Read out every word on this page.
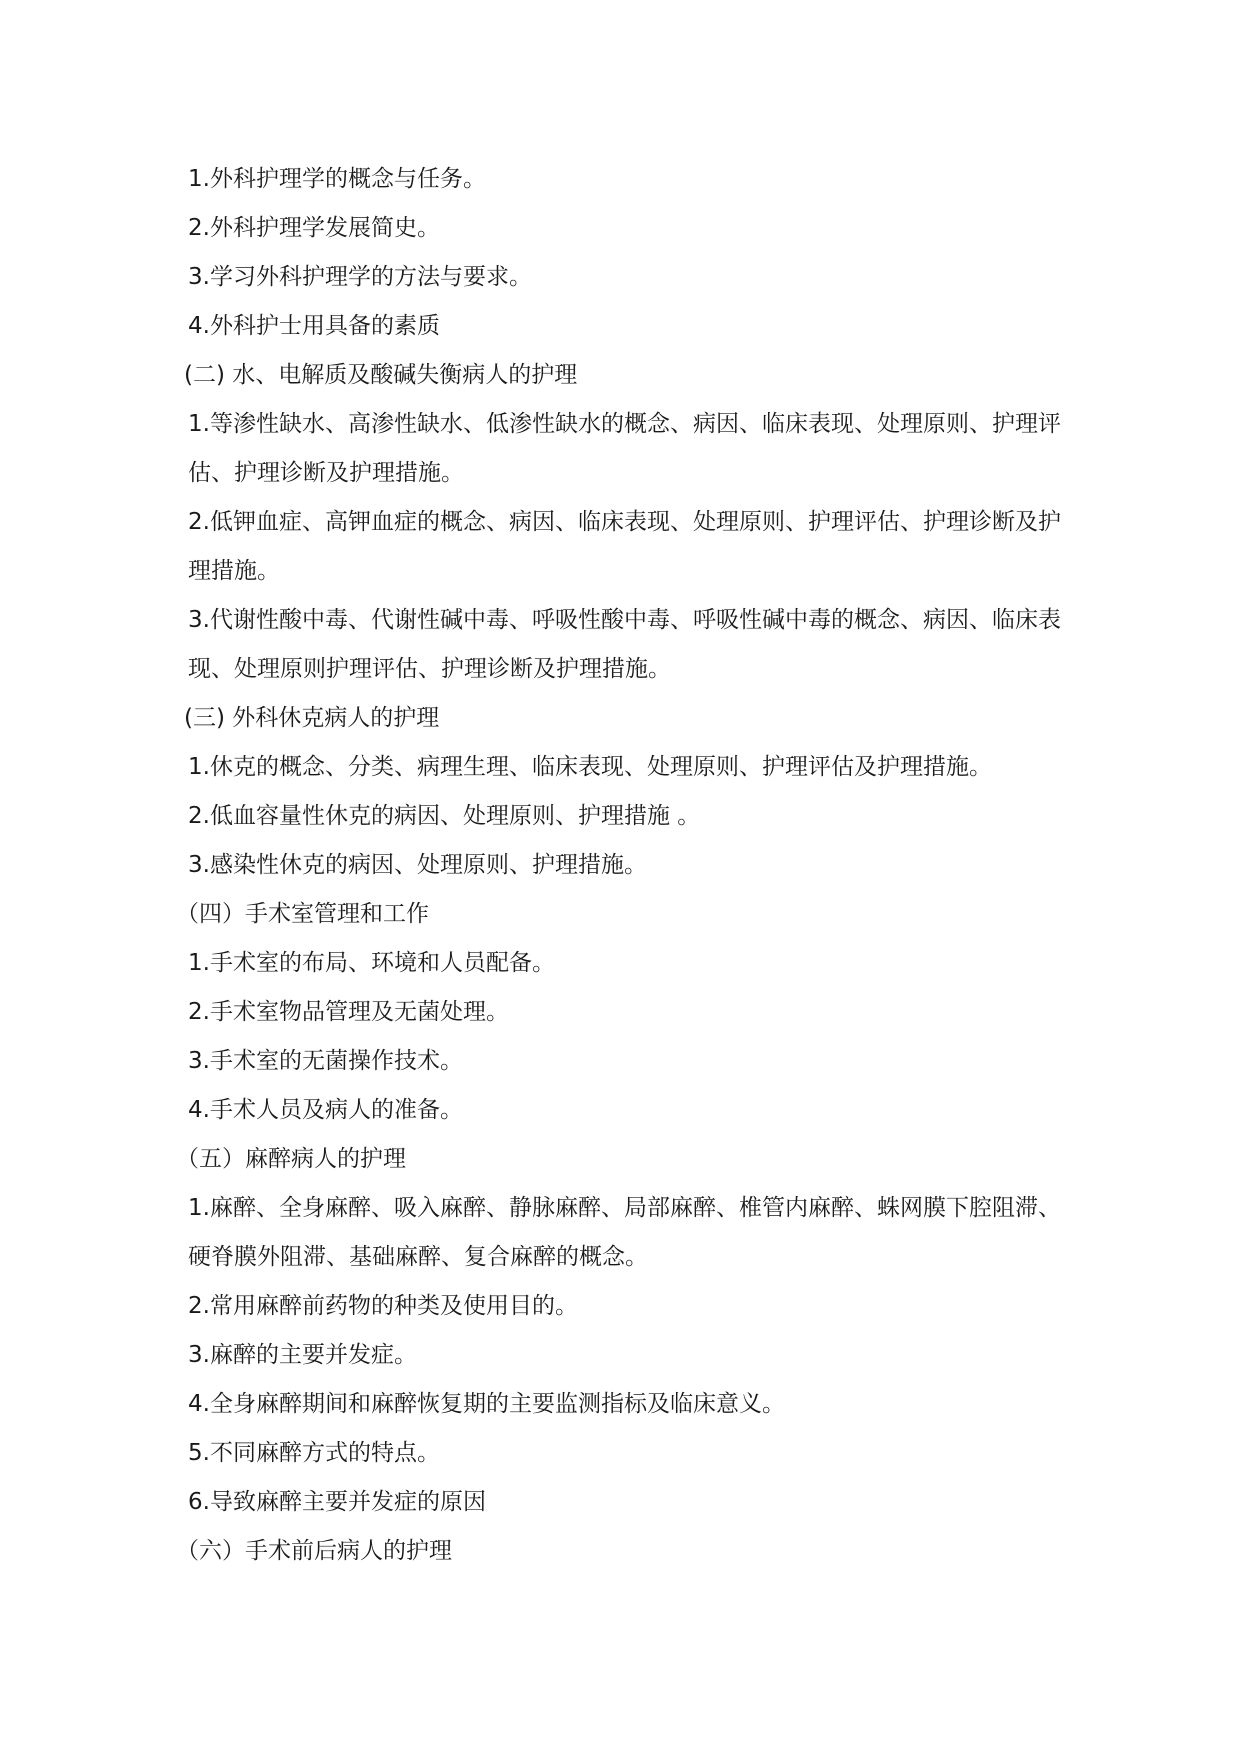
1.外科护理学的概念与任务。
2.外科护理学发展简史。
3.学习外科护理学的方法与要求。
4.外科护士用具备的素质
(二) 水、电解质及酸碱失衡病人的护理
1.等渗性缺水、高渗性缺水、低渗性缺水的概念、病因、临床表现、处理原则、护理评估、护理诊断及护理措施。
2.低钾血症、高钾血症的概念、病因、临床表现、处理原则、护理评估、护理诊断及护理措施。
3.代谢性酸中毒、代谢性碱中毒、呼吸性酸中毒、呼吸性碱中毒的概念、病因、临床表现、处理原则护理评估、护理诊断及护理措施。
(三) 外科休克病人的护理
1.休克的概念、分类、病理生理、临床表现、处理原则、护理评估及护理措施。
2.低血容量性休克的病因、处理原则、护理措施 。
3.感染性休克的病因、处理原则、护理措施。
（四）手术室管理和工作
1.手术室的布局、环境和人员配备。
2.手术室物品管理及无菌处理。
3.手术室的无菌操作技术。
4.手术人员及病人的准备。
（五）麻醉病人的护理
1.麻醉、全身麻醉、吸入麻醉、静脉麻醉、局部麻醉、椎管内麻醉、蛛网膜下腔阻滞、硬脊膜外阻滞、基础麻醉、复合麻醉的概念。
2.常用麻醉前药物的种类及使用目的。
3.麻醉的主要并发症。
4.全身麻醉期间和麻醉恢复期的主要监测指标及临床意义。
5.不同麻醉方式的特点。
6.导致麻醉主要并发症的原因
（六）手术前后病人的护理
